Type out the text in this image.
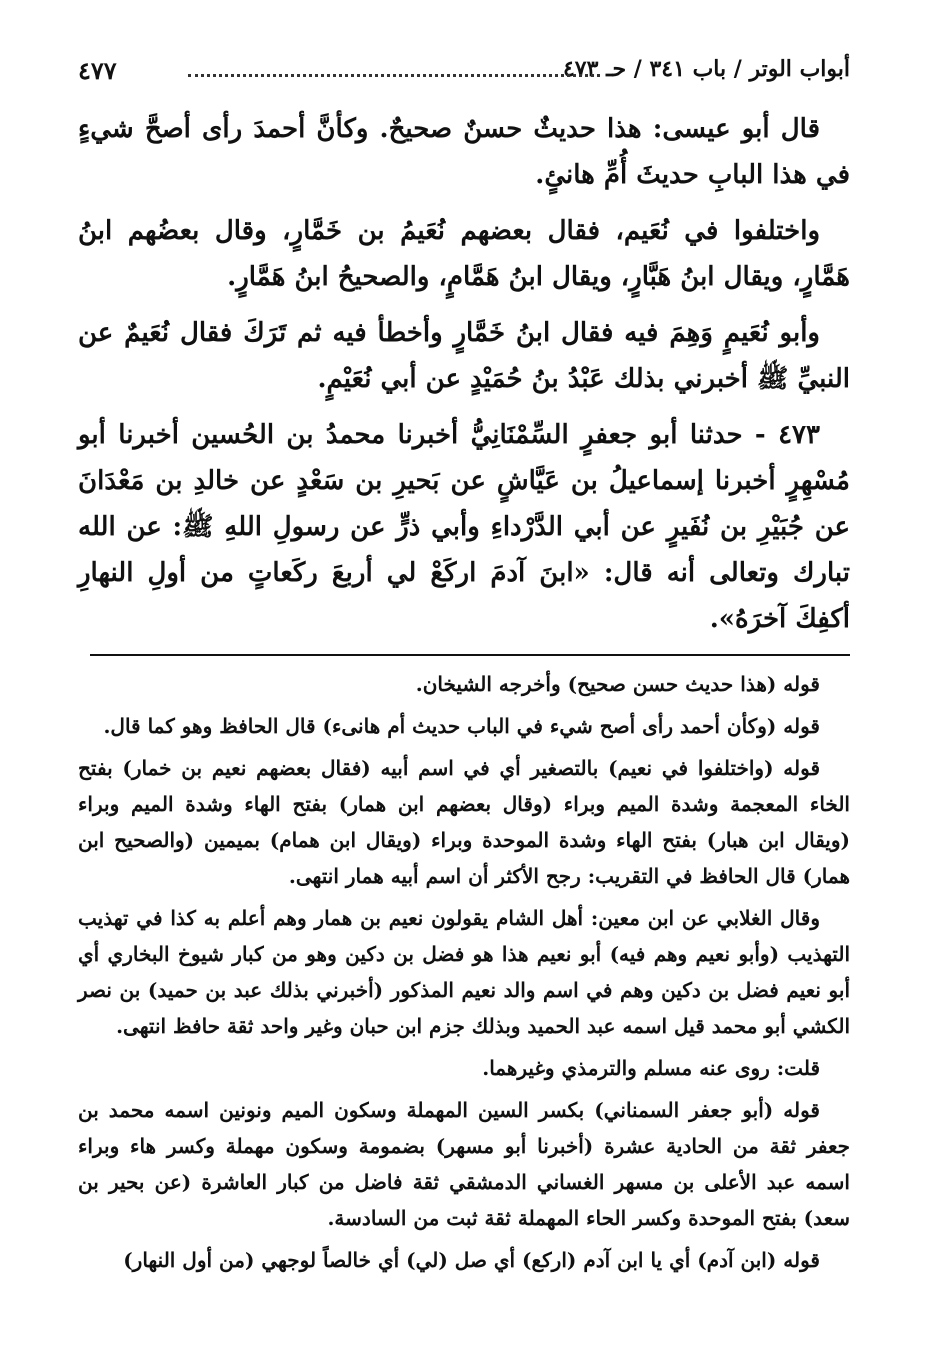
أبواب الوتر / باب ٣٤١ / حـ ٤٧٣
٤٧٧

قال أبو عيسى: هذا حديثٌ حسنٌ صحيحٌ. وكأنَّ أحمدَ رأى أصحَّ شيءٍ في هذا البابِ حديثَ أُمِّ هانئٍ.

واختلفوا في نُعَيم، فقال بعضهم نُعَيمُ بن خَمَّارٍ، وقال بعضُهم ابنُ هَمَّارٍ، ويقال ابنُ هَبَّارٍ، ويقال ابنُ هَمَّامٍ، والصحيحُ ابنُ هَمَّارٍ.

وأبو نُعَيمٍ وَهِمَ فيه فقال ابنُ خَمَّارٍ وأخطأ فيه ثم تَرَكَ فقال نُعَيمٌ عن النبيِّ ﷺ أخبرني بذلك عَبْدُ بنُ حُمَيْدٍ عن أبي نُعَيْمٍ.

٤٧٣ - حدثنا أبو جعفرٍ السِّمْنَانِيُّ أخبرنا محمدُ بن الحُسين أخبرنا أبو مُسْهِرٍ أخبرنا إسماعيلُ بن عَيَّاشٍ عن بَحيرِ بن سَعْدٍ عن خالدِ بن مَعْدَانَ عن جُبَيْرِ بن نُفَيرٍ عن أبي الدَّرْداءِ وأبي ذرٍّ عن رسولِ اللهِ ﷺ: عن الله تبارك وتعالى أنه قال: «ابنَ آدمَ اركَعْ لي أربعَ ركَعاتٍ من أولِ النهارِ أكفِكَ آخرَهُ».

قوله (هذا حديث حسن صحيح) وأخرجه الشيخان.

قوله (وكأن أحمد رأى أصح شيء في الباب حديث أم هانىء) قال الحافظ وهو كما قال.

قوله (واختلفوا في نعيم) بالتصغير أي في اسم أبيه (فقال بعضهم نعيم بن خمار) بفتح الخاء المعجمة وشدة الميم وبراء (وقال بعضهم ابن همار) بفتح الهاء وشدة الميم وبراء (ويقال ابن هبار) بفتح الهاء وشدة الموحدة وبراء (ويقال ابن همام) بميمين (والصحيح ابن همار) قال الحافظ في التقريب: رجح الأكثر أن اسم أبيه همار انتهى.

وقال الغلابي عن ابن معين: أهل الشام يقولون نعيم بن همار وهم أعلم به كذا في تهذيب التهذيب (وأبو نعيم وهم فيه) أبو نعيم هذا هو فضل بن دكين وهو من كبار شيوخ البخاري أي أبو نعيم فضل بن دكين وهم في اسم والد نعيم المذكور (أخبرني بذلك عبد بن حميد) بن نصر الكشي أبو محمد قيل اسمه عبد الحميد وبذلك جزم ابن حبان وغير واحد ثقة حافظ انتهى.

قلت: روى عنه مسلم والترمذي وغيرهما.

قوله (أبو جعفر السمناني) بكسر السين المهملة وسكون الميم ونونين اسمه محمد بن جعفر ثقة من الحادية عشرة (أخبرنا أبو مسهر) بضمومة وسكون مهملة وكسر هاء وبراء اسمه عبد الأعلى بن مسهر الغساني الدمشقي ثقة فاضل من كبار العاشرة (عن بحير بن سعد) بفتح الموحدة وكسر الحاء المهملة ثقة ثبت من السادسة.

قوله (ابن آدم) أي يا ابن آدم (اركع) أي صل (لي) أي خالصاً لوجهي (من أول النهار)
